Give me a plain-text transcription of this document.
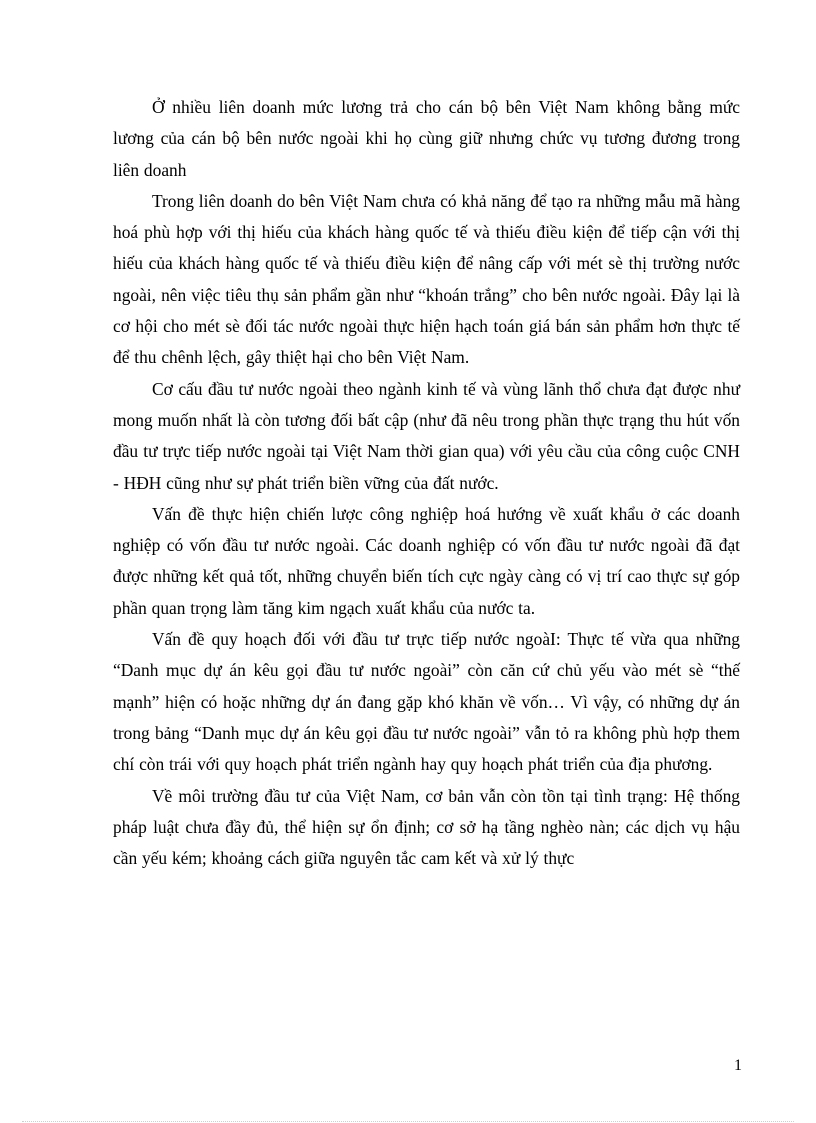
Ở nhiều liên doanh mức lương trả cho cán bộ bên Việt Nam không bằng mức lương của cán bộ bên nước ngoài khi họ cùng giữ nhưng chức vụ tương đương trong liên doanh

Trong liên doanh do bên Việt Nam chưa có khả năng để tạo ra những mẫu mã hàng hoá phù hợp với thị hiếu của khách hàng quốc tế và thiếu điều kiện để tiếp cận với thị hiếu của khách hàng quốc tế và thiếu điều kiện để nâng cấp với mét sè thị trường nước ngoài, nên việc tiêu thụ sản phẩm gần như “khoán trắng” cho bên nước ngoài. Đây lại là cơ hội cho mét sè đối tác nước ngoài thực hiện hạch toán giá bán sản phẩm hơn thực tế để thu chênh lệch, gây thiệt hại cho bên Việt Nam.

Cơ cấu đầu tư nước ngoài theo ngành kinh tế và vùng lãnh thổ chưa đạt được như mong muốn nhất là còn tương đối bất cập (như đã nêu trong phần thực trạng thu hút vốn đầu tư trực tiếp nước ngoài tại Việt Nam thời gian qua) với yêu cầu của công cuộc CNH - HĐH cũng như sự phát triển biền vững của đất nước.

Vấn đề thực hiện chiến lược công nghiệp hoá hướng về xuất khẩu ở các doanh nghiệp có vốn đầu tư nước ngoài. Các doanh nghiệp có vốn đầu tư nước ngoài đã đạt được những kết quả tốt, những chuyển biến tích cực ngày càng có vị trí cao thực sự góp phần quan trọng làm tăng kim ngạch xuất khẩu của nước ta.

Vấn đề quy hoạch đối với đầu tư trực tiếp nước ngoàI: Thực tế vừa qua những “Danh mục dự án kêu gọi đầu tư nước ngoài” còn căn cứ chủ yếu vào mét sè “thế mạnh” hiện có hoặc những dự án đang gặp khó khăn về vốn… Vì vậy, có những dự án trong bảng “Danh mục dự án kêu gọi đầu tư nước ngoài” vẫn tỏ ra không phù hợp them chí còn trái với quy hoạch phát triển ngành hay quy hoạch phát triển của địa phương.

Về môi trường đầu tư của Việt Nam, cơ bản vẫn còn tồn tại tình trạng: Hệ thống pháp luật chưa đầy đủ, thể hiện sự ổn định; cơ sở hạ tầng nghèo nàn; các dịch vụ hậu cần yếu kém; khoảng cách giữa nguyên tắc cam kết và xử lý thực

1
